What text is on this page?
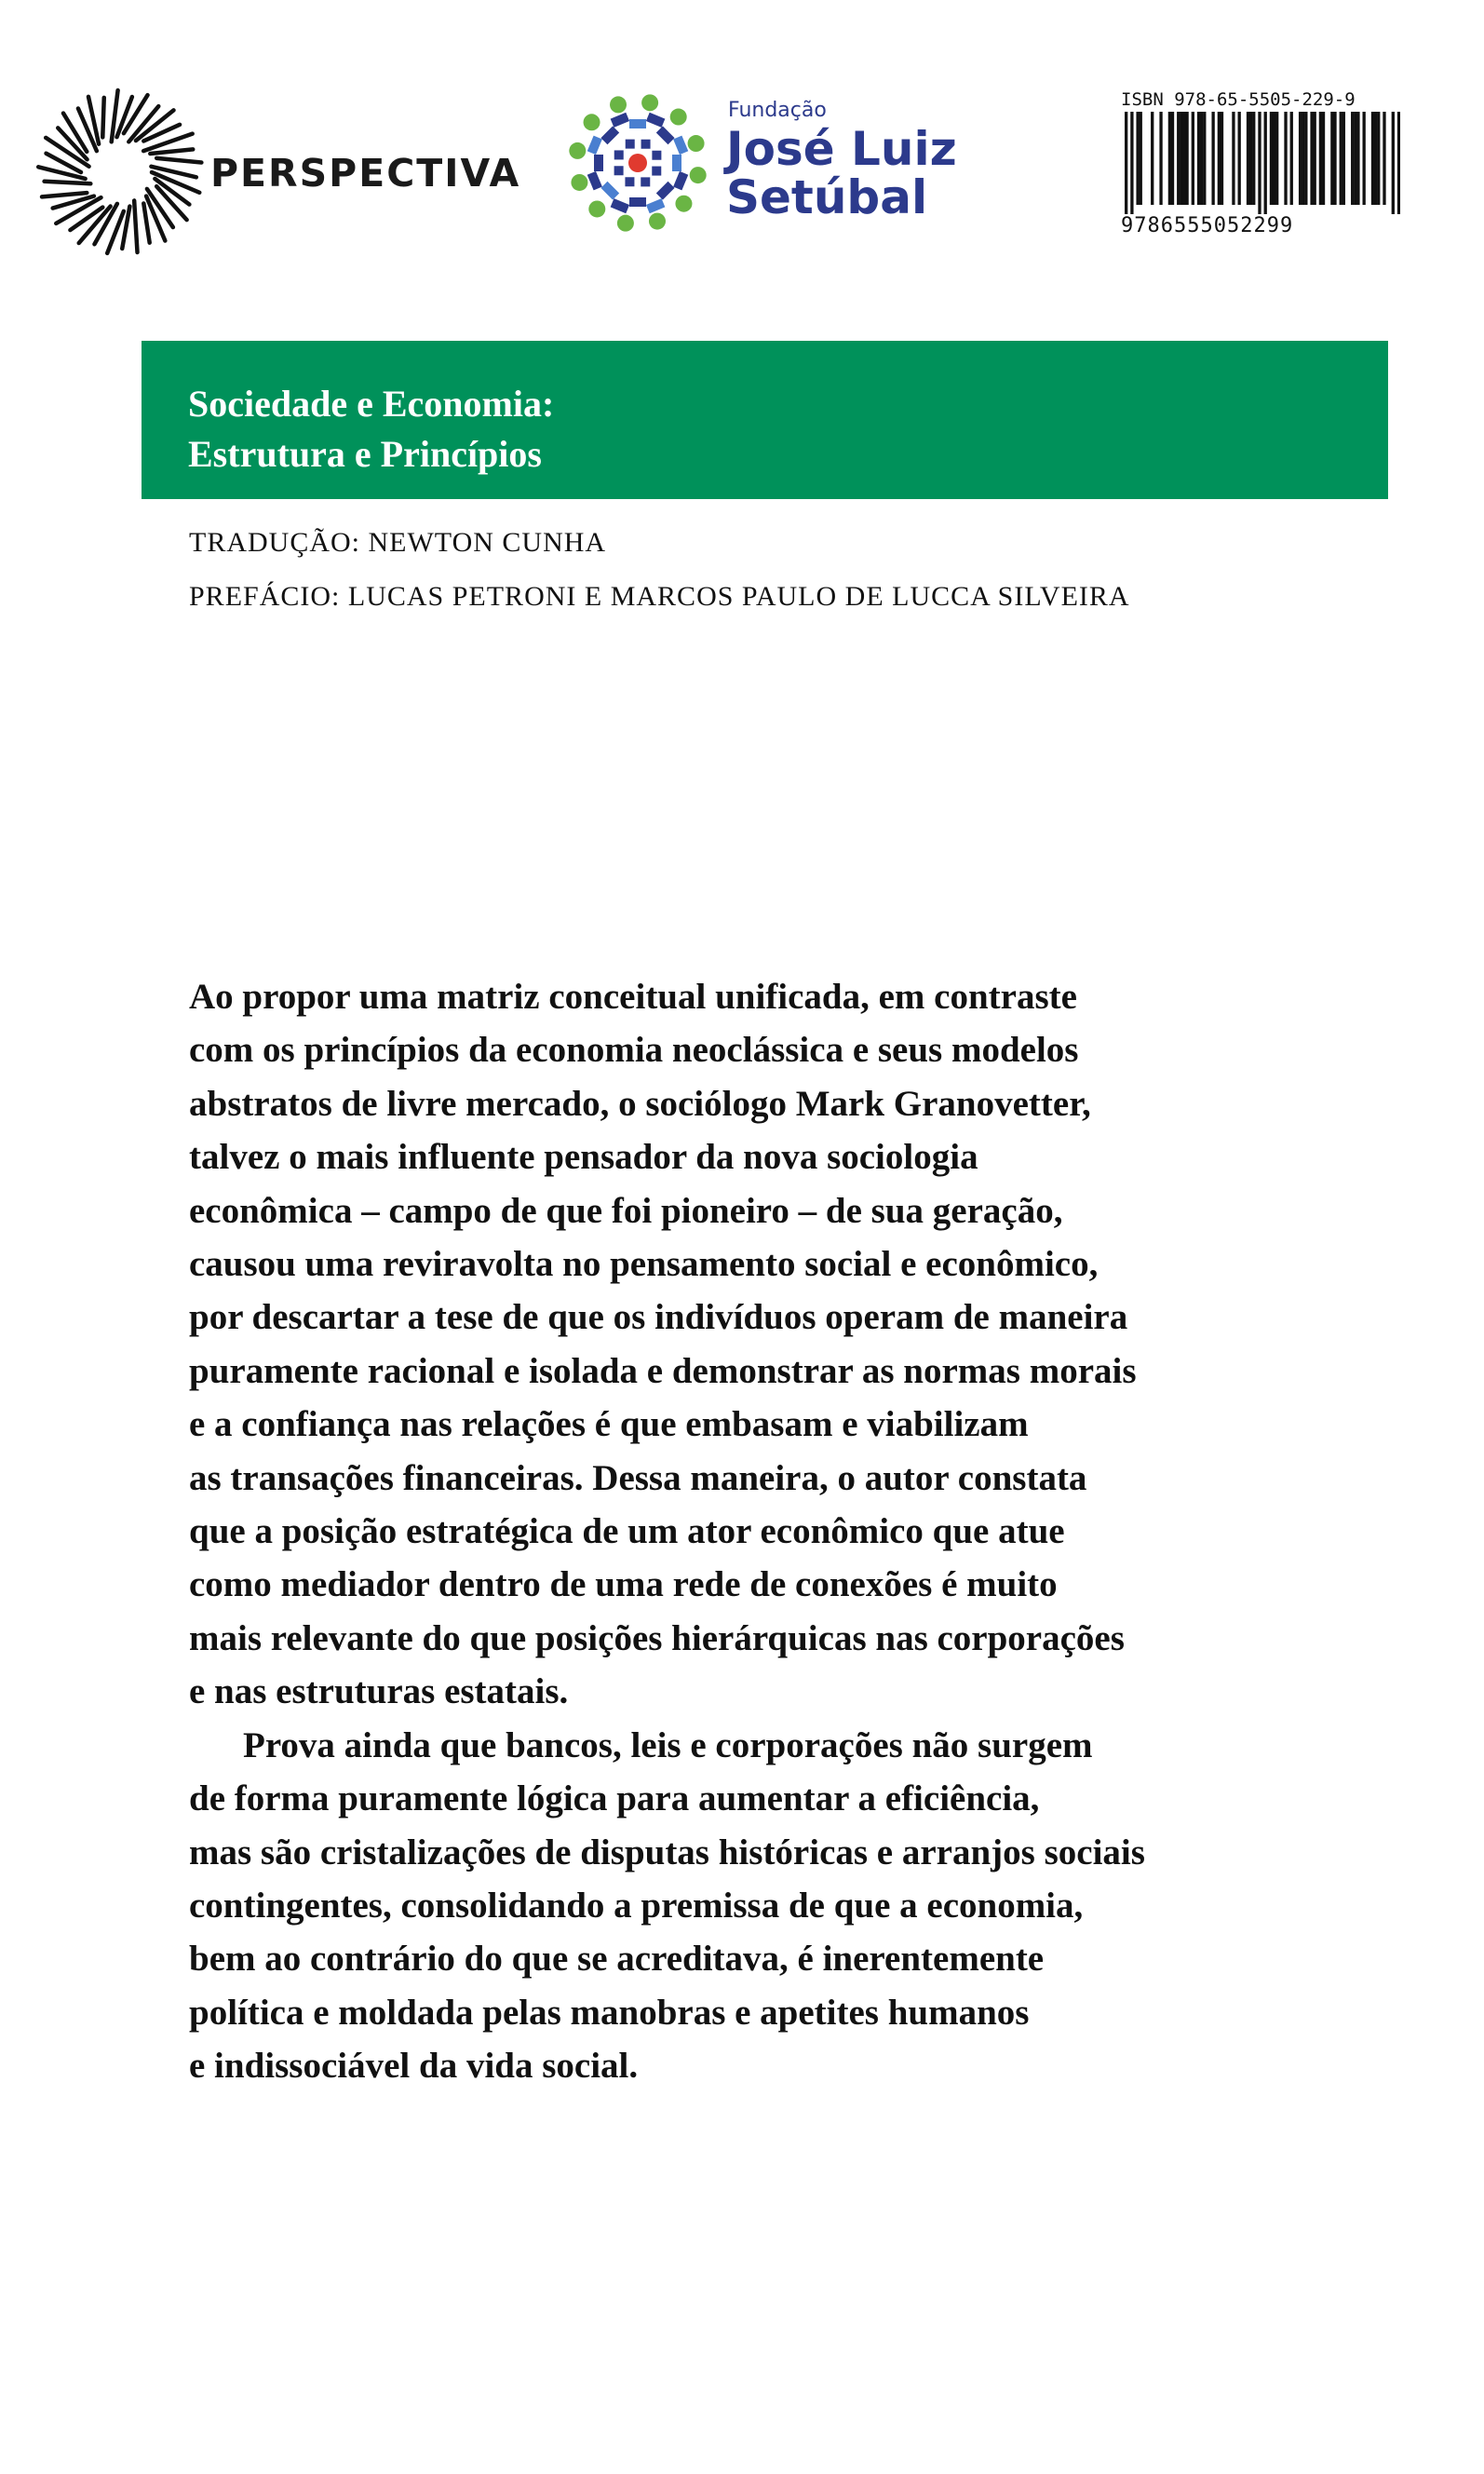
PERSPECTIVA
Fundação
José Luiz
Setúbal
ISBN 978-65-5505-229-9
9786555052299
Sociedade e Economia:
Estrutura e Princípios
TRADUÇÃO: NEWTON CUNHA
PREFÁCIO: LUCAS PETRONI E MARCOS PAULO DE LUCCA SILVEIRA
Ao propor uma matriz conceitual unificada, em contraste
com os princípios da economia neoclássica e seus modelos
abstratos de livre mercado, o sociólogo Mark Granovetter,
talvez o mais influente pensador da nova sociologia
econômica – campo de que foi pioneiro – de sua geração,
causou uma reviravolta no pensamento social e econômico,
por descartar a tese de que os indivíduos operam de maneira
puramente racional e isolada e demonstrar as normas morais
e a confiança nas relações é que embasam e viabilizam
as transações financeiras. Dessa maneira, o autor constata
que a posição estratégica de um ator econômico que atue
como mediador dentro de uma rede de conexões é muito
mais relevante do que posições hierárquicas nas corporações
e nas estruturas estatais.
Prova ainda que bancos, leis e corporações não surgem
de forma puramente lógica para aumentar a eficiência,
mas são cristalizações de disputas históricas e arranjos sociais
contingentes, consolidando a premissa de que a economia,
bem ao contrário do que se acreditava, é inerentemente
política e moldada pelas manobras e apetites humanos
e indissociável da vida social.
